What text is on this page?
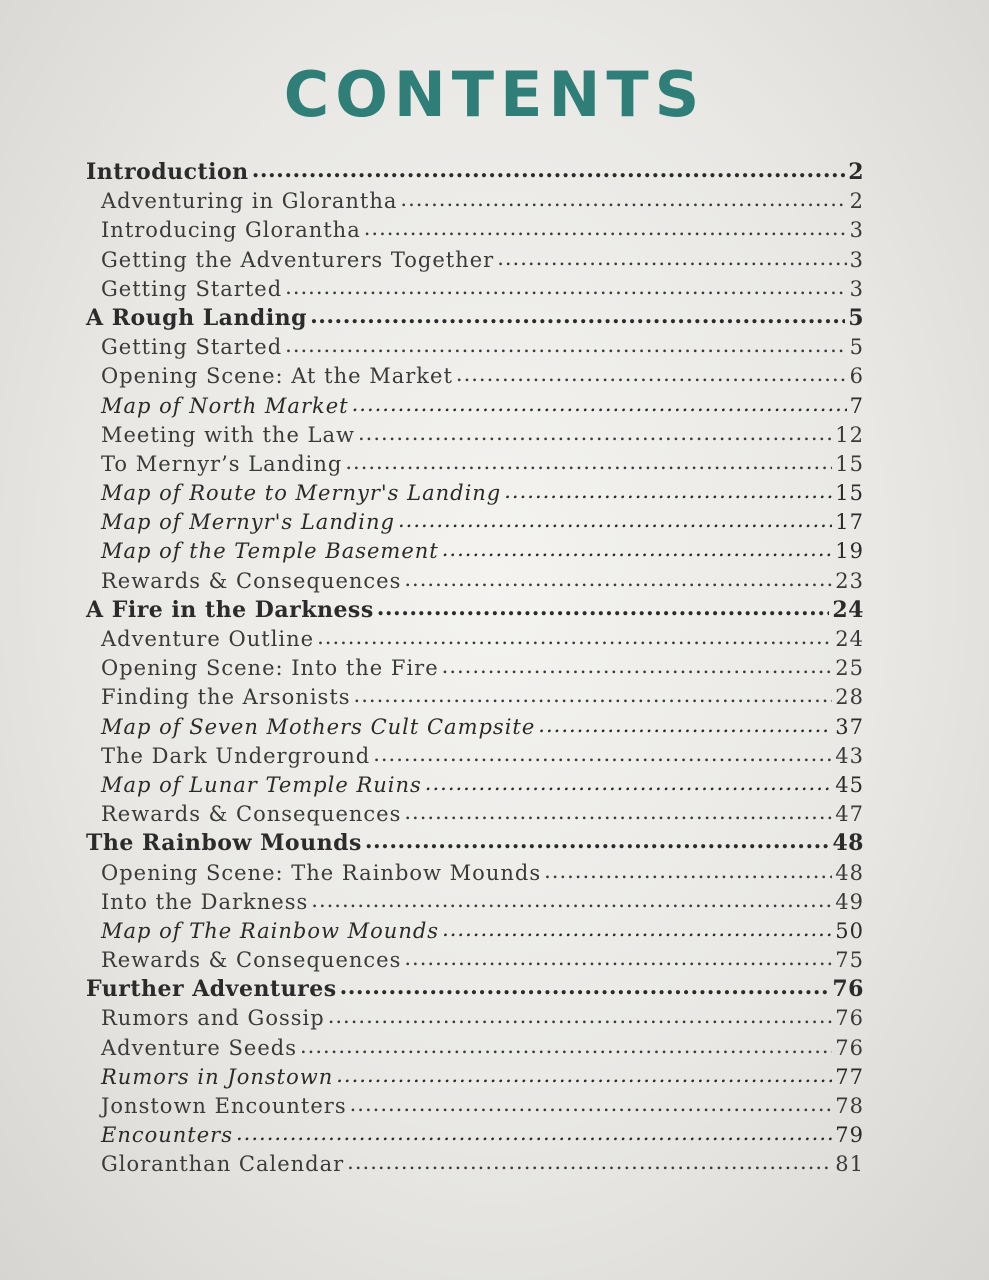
CONTENTS
Introduction .....	2
Adventuring in Glorantha .....	2
Introducing Glorantha .....	3
Getting the Adventurers Together .....	3
Getting Started .....	3
A Rough Landing .....	5
Getting Started .....	5
Opening Scene: At the Market .....	6
Map of North Market .....	7
Meeting with the Law .....	12
To Mernyr’s Landing .....	15
Map of Route to Mernyr's Landing .....	15
Map of Mernyr's Landing .....	17
Map of the Temple Basement .....	19
Rewards & Consequences .....	23
A Fire in the Darkness .....	24
Adventure Outline .....	24
Opening Scene: Into the Fire .....	25
Finding the Arsonists .....	28
Map of Seven Mothers Cult Campsite .....	37
The Dark Underground .....	43
Map of Lunar Temple Ruins .....	45
Rewards & Consequences .....	47
The Rainbow Mounds .....	48
Opening Scene: The Rainbow Mounds .....	48
Into the Darkness .....	49
Map of The Rainbow Mounds .....	50
Rewards & Consequences .....	75
Further Adventures .....	76
Rumors and Gossip .....	76
Adventure Seeds .....	76
Rumors in Jonstown .....	77
Jonstown Encounters .....	78
Encounters .....	79
Gloranthan Calendar .....	81
